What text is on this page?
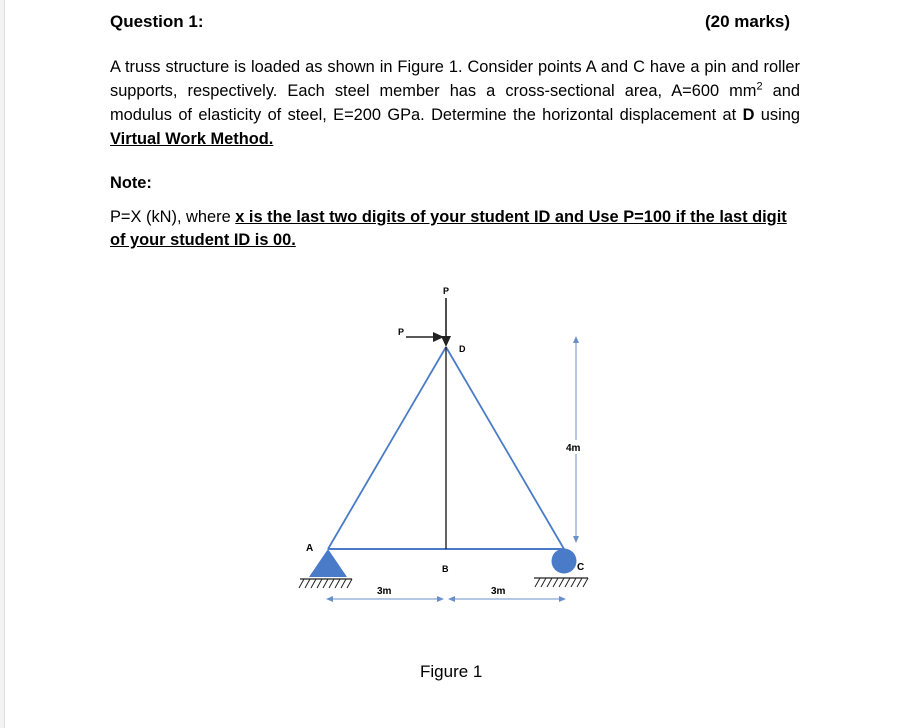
Question 1:	(20 marks)
A truss structure is loaded as shown in Figure 1. Consider points A and C have a pin and roller supports, respectively. Each steel member has a cross-sectional area, A=600 $mm^2$ and modulus of elasticity of steel, E=200 GPa. Determine the horizontal displacement at D using Virtual Work Method.
Note:
P=X (kN), where x is the last two digits of your student ID and Use P=100 if the last digit of your student ID is 00.
P
P
D
A
B	C
4m
3m	3m
Figure 1
